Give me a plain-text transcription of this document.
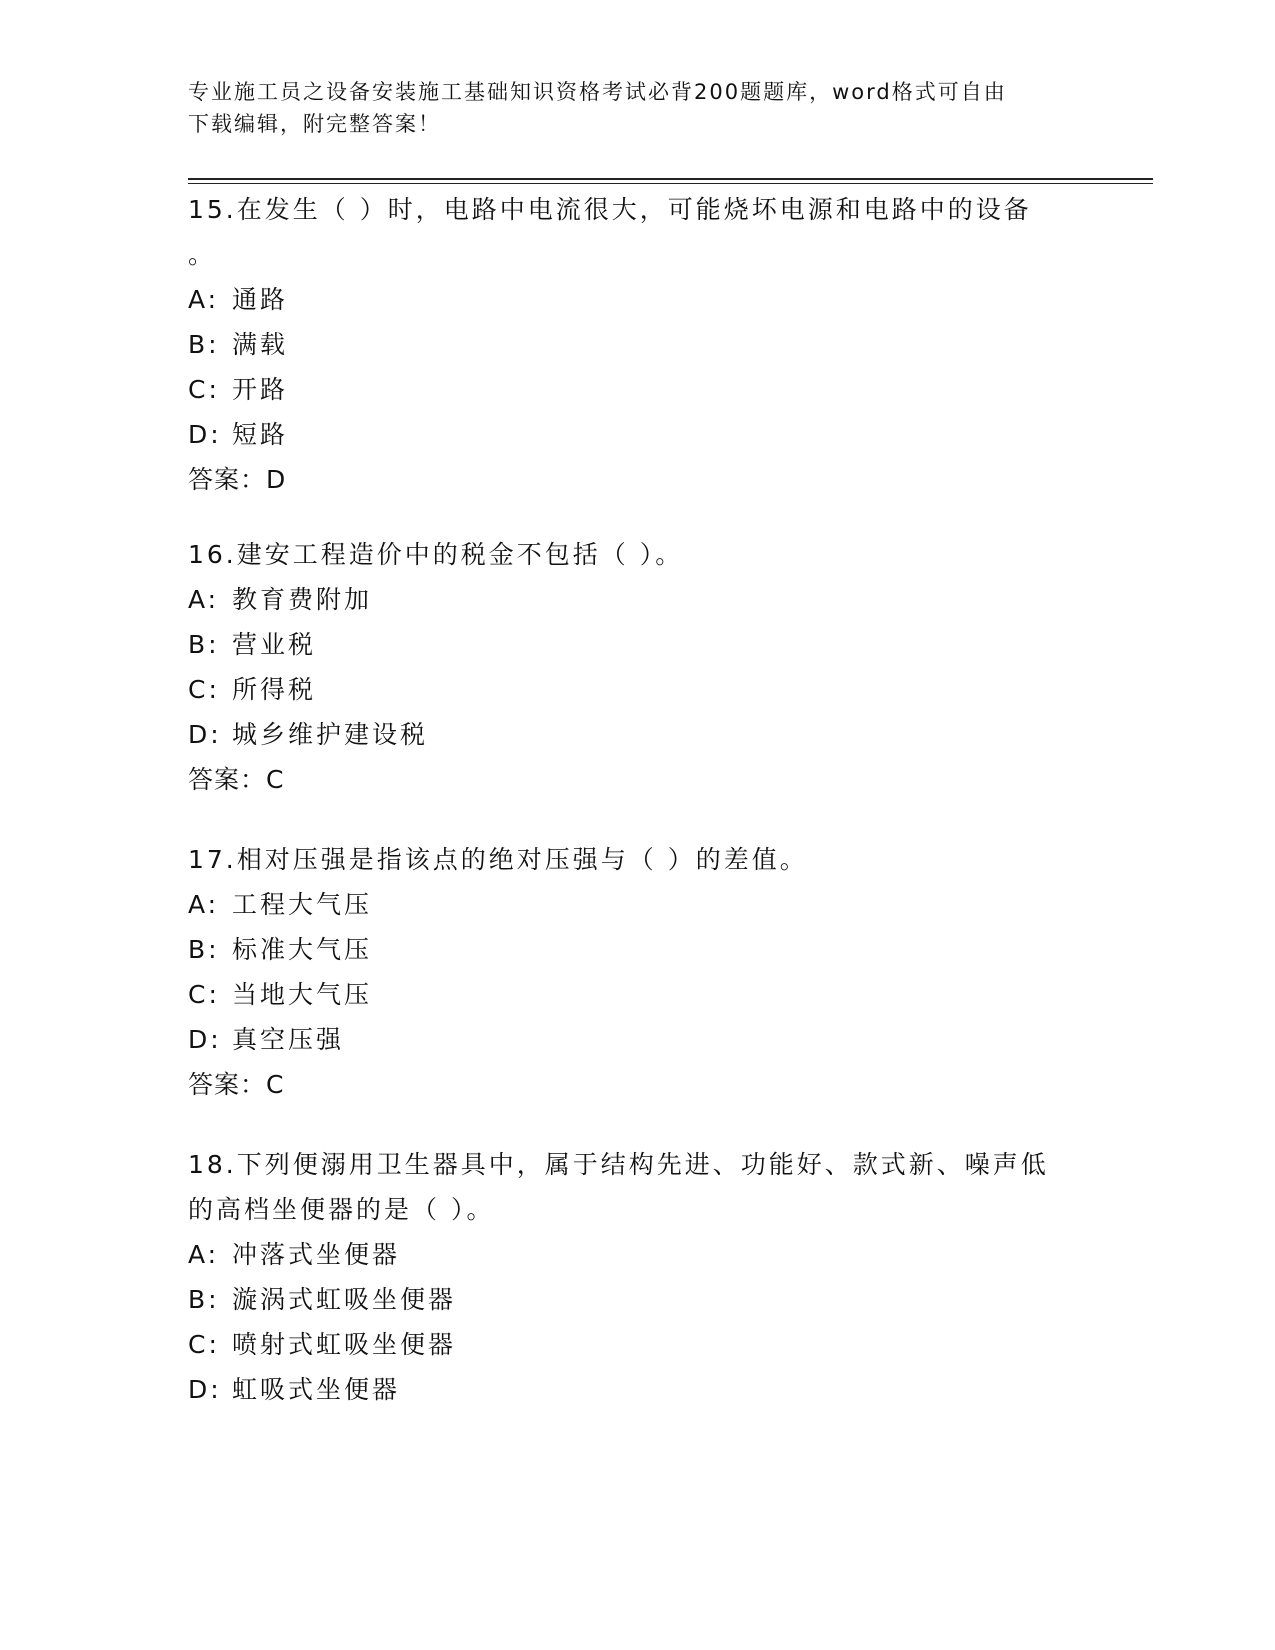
专业施工员之设备安装施工基础知识资格考试必背200题题库，word格式可自由
下载编辑，附完整答案！
15.在发生（ ）时，电路中电流很大，可能烧坏电源和电路中的设备
。
A: 通路
B: 满载
C: 开路
D: 短路
答案：D
16.建安工程造价中的税金不包括（ ）。
A: 教育费附加
B: 营业税
C: 所得税
D: 城乡维护建设税
答案：C
17.相对压强是指该点的绝对压强与（ ）的差值。
A: 工程大气压
B: 标准大气压
C: 当地大气压
D: 真空压强
答案：C
18.下列便溺用卫生器具中，属于结构先进、功能好、款式新、噪声低
的高档坐便器的是（ ）。
A: 冲落式坐便器
B: 漩涡式虹吸坐便器
C: 喷射式虹吸坐便器
D: 虹吸式坐便器
